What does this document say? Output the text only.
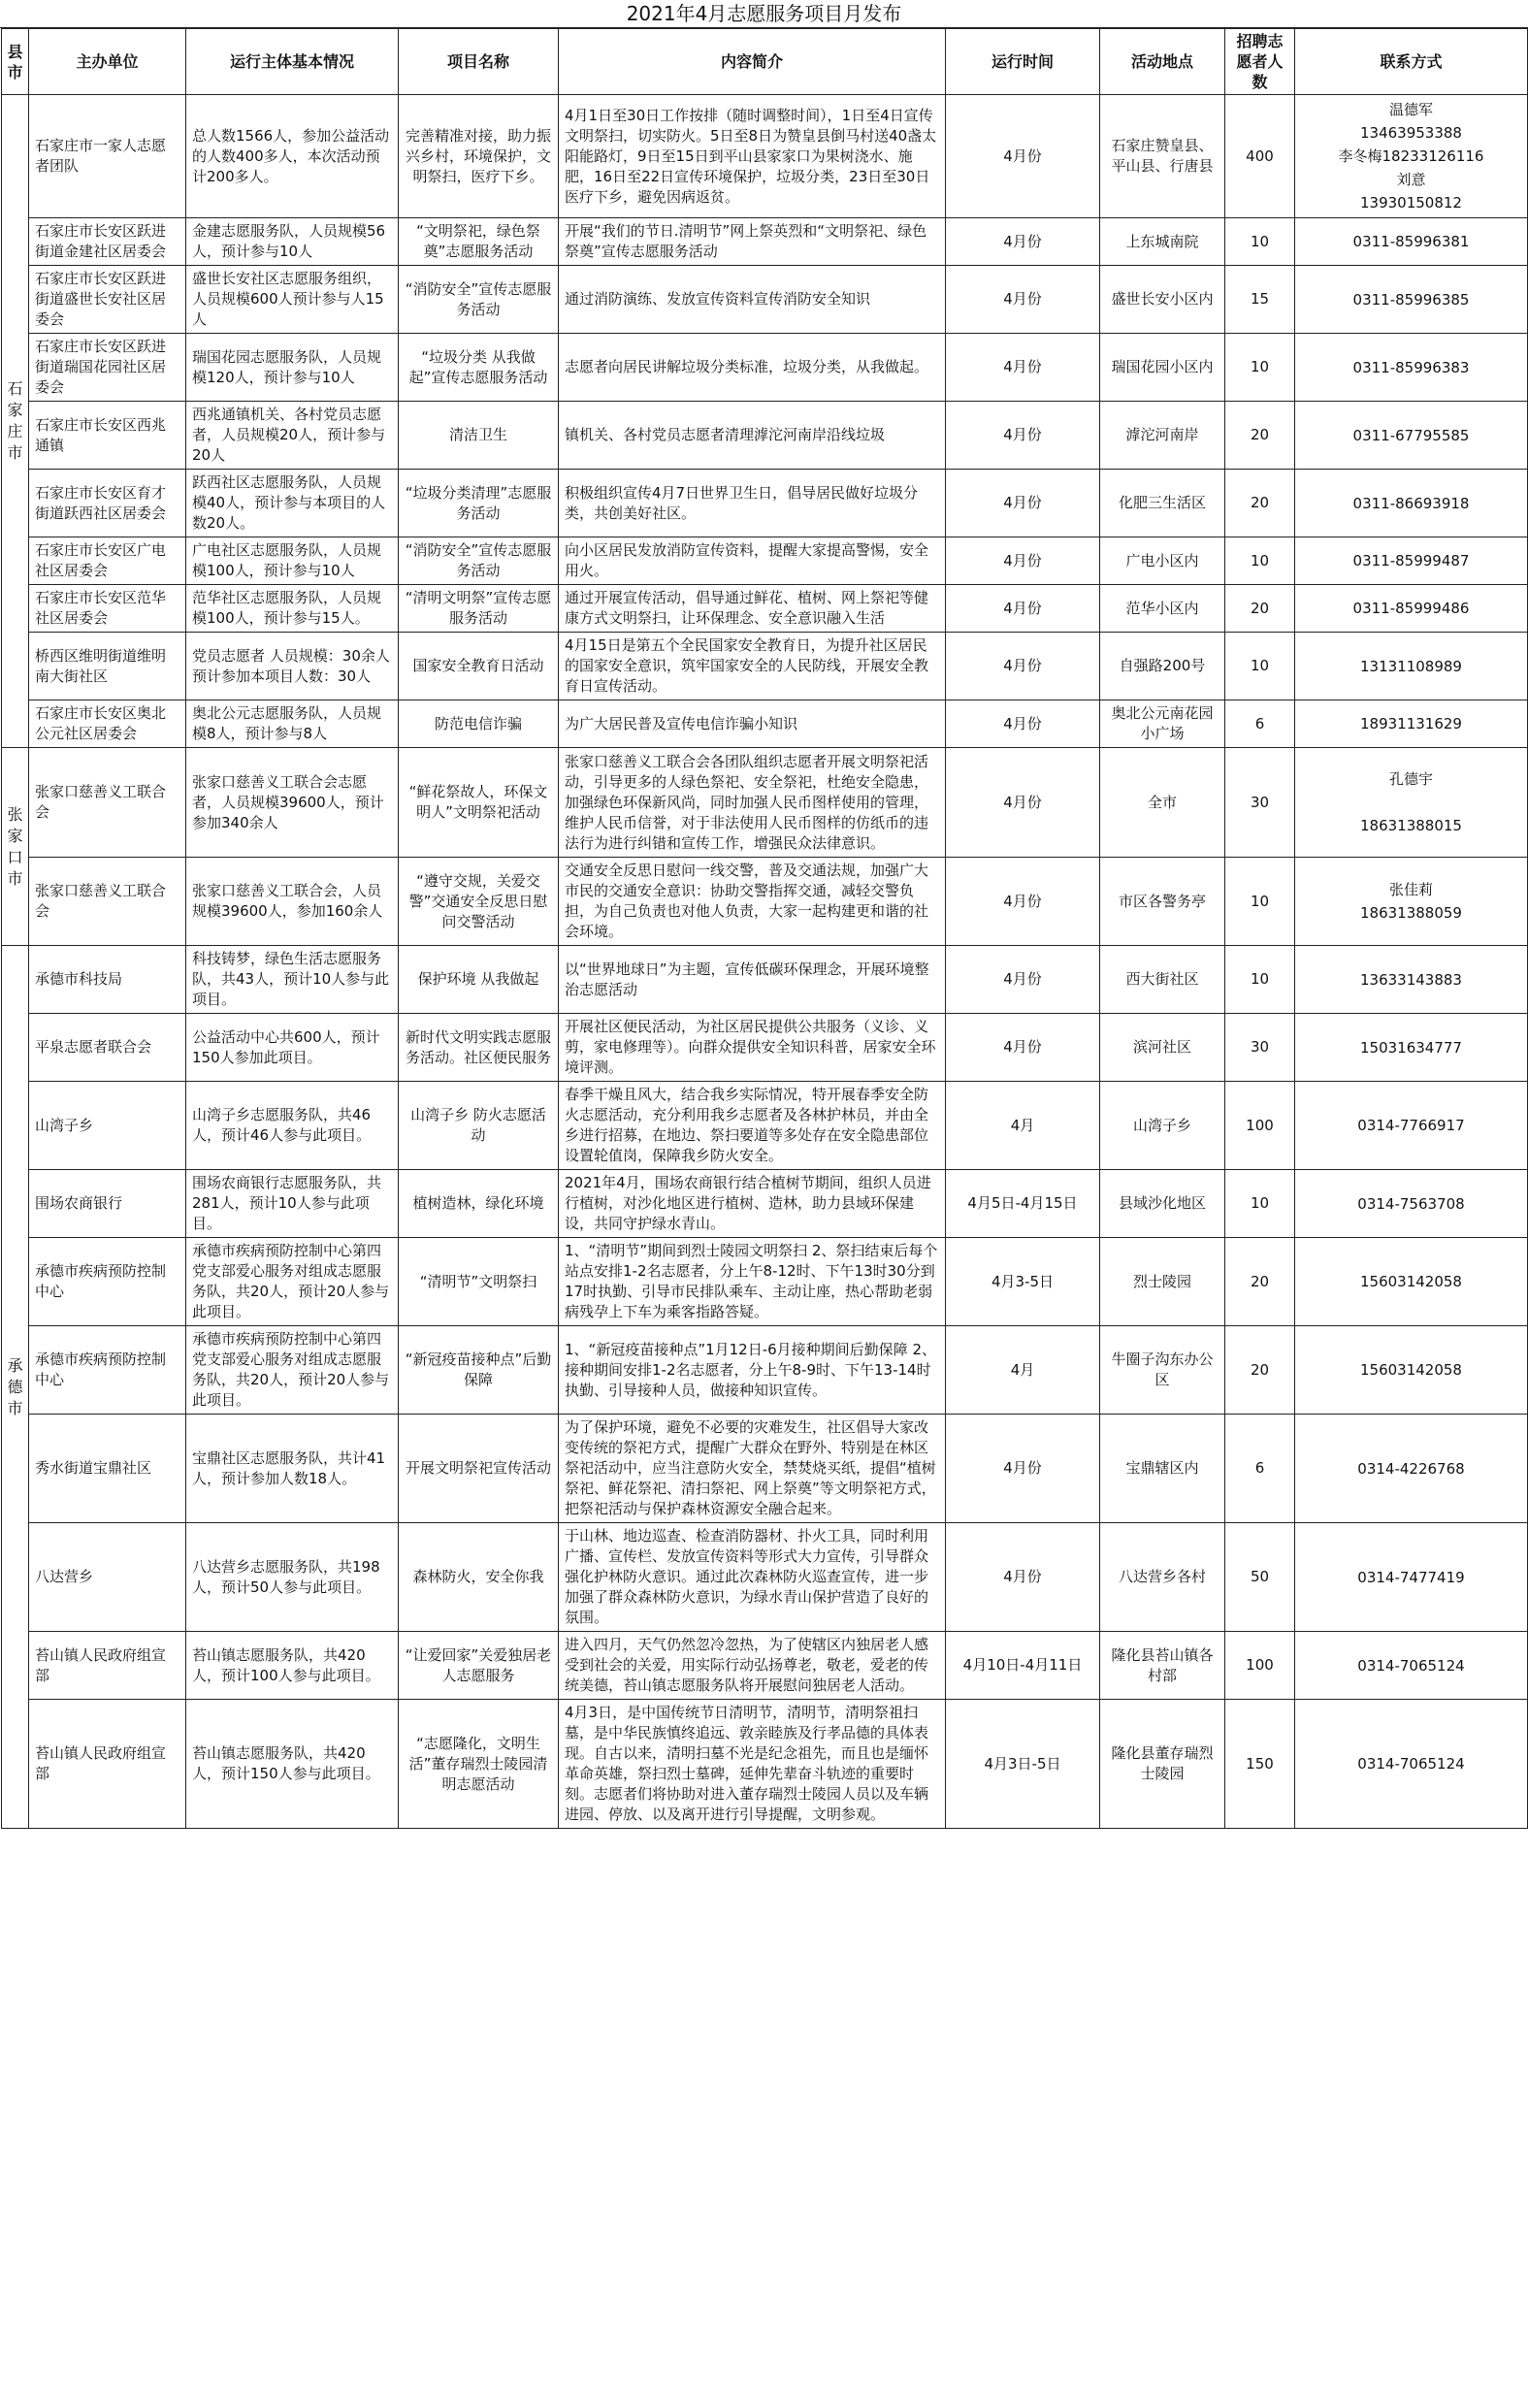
2021年4月志愿服务项目月发布
县市	主办单位	运行主体基本情况	项目名称	内容简介	运行时间	活动地点	招聘志愿者人数	联系方式
石家庄市	石家庄市一家人志愿者团队	总人数1566人，参加公益活动的人数400多人，本次活动预计200多人。	完善精准对接，助力振兴乡村，环境保护，文明祭扫，医疗下乡。	4月1日至30日工作按排（随时调整时间），1日至4日宣传文明祭扫，切实防火。5日至8日为赞皇县倒马村送40盏太阳能路灯，9日至15日到平山县家家口为果树浇水、施肥，16日至22日宣传环境保护，垃圾分类，23日至30日医疗下乡，避免因病返贫。	4月份	石家庄赞皇县、平山县、行唐县	400	温德军
13463953388
李冬梅18233126116
刘意
13930150812

	石家庄市长安区跃进街道金建社区居委会	金建志愿服务队，人员规模56人，预计参与10人	“文明祭祀，绿色祭奠”志愿服务活动	开展“我们的节日.清明节”网上祭英烈和“文明祭祀、绿色祭奠”宣传志愿服务活动	4月份	上东城南院	10	0311-85996381

	石家庄市长安区跃进街道盛世长安社区居委会	盛世长安社区志愿服务组织，人员规模600人预计参与人15人	“消防安全”宣传志愿服务活动	通过消防演练、发放宣传资料宣传消防安全知识	4月份	盛世长安小区内	15	0311-85996385

	石家庄市长安区跃进街道瑞国花园社区居委会	瑞国花园志愿服务队，人员规模120人，预计参与10人	“垃圾分类 从我做起”宣传志愿服务活动	志愿者向居民讲解垃圾分类标准，垃圾分类，从我做起。	4月份	瑞国花园小区内	10	0311-85996383

	石家庄市长安区西兆通镇	西兆通镇机关、各村党员志愿者，人员规模20人，预计参与20人	清洁卫生	镇机关、各村党员志愿者清理滹沱河南岸沿线垃圾	4月份	滹沱河南岸	20	0311-67795585

	石家庄市长安区育才街道跃西社区居委会	跃西社区志愿服务队，人员规模40人，预计参与本项目的人数20人。	“垃圾分类清理”志愿服务活动	积极组织宣传4月7日世界卫生日，倡导居民做好垃圾分类，共创美好社区。	4月份	化肥三生活区	20	0311-86693918

	石家庄市长安区广电社区居委会	广电社区志愿服务队，人员规模100人，预计参与10人	“消防安全”宣传志愿服务活动	向小区居民发放消防宣传资料，提醒大家提高警惕，安全用火。	4月份	广电小区内	10	0311-85999487

	石家庄市长安区范华社区居委会	范华社区志愿服务队，人员规模100人，预计参与15人。	“清明文明祭”宣传志愿服务活动	通过开展宣传活动，倡导通过鲜花、植树、网上祭祀等健康方式文明祭扫，让环保理念、安全意识融入生活	4月份	范华小区内	20	0311-85999486

	桥西区维明街道维明南大街社区	党员志愿者 人员规模：30余人 预计参加本项目人数：30人	国家安全教育日活动	4月15日是第五个全民国家安全教育日，为提升社区居民的国家安全意识，筑牢国家安全的人民防线，开展安全教育日宣传活动。	4月份	自强路200号	10	13131108989

	石家庄市长安区奥北公元社区居委会	奥北公元志愿服务队，人员规模8人，预计参与8人	防范电信诈骗	为广大居民普及宣传电信诈骗小知识	4月份	奥北公元南花园小广场	6	18931131629

张家口市	张家口慈善义工联合会	张家口慈善义工联合会志愿者，人员规模39600人，预计参加340余人	“鲜花祭故人，环保文明人”文明祭祀活动	张家口慈善义工联合会各团队组织志愿者开展文明祭祀活动，引导更多的人绿色祭祀、安全祭祀，杜绝安全隐患，加强绿色环保新风尚，同时加强人民币图样使用的管理，维护人民币信誉，对于非法使用人民币图样的仿纸币的违法行为进行纠错和宣传工作，增强民众法律意识。	4月份	全市	30	孔德宇

18631388015

	张家口慈善义工联合会	张家口慈善义工联合会，人员规模39600人，参加160余人	“遵守交规，关爱交警”交通安全反思日慰问交警活动	交通安全反思日慰问一线交警，普及交通法规，加强广大市民的交通安全意识：协助交警指挥交通，减轻交警负担，为自己负责也对他人负责，大家一起构建更和谐的社会环境。	4月份	市区各警务亭	10	张佳莉
18631388059

承德市	承德市科技局	科技铸梦，绿色生活志愿服务队，共43人，预计10人参与此项目。	保护环境 从我做起	以“世界地球日”为主题，宣传低碳环保理念，开展环境整治志愿活动	4月份	西大街社区	10	13633143883

	平泉志愿者联合会	公益活动中心共600人，预计150人参加此项目。	新时代文明实践志愿服务活动。社区便民服务	开展社区便民活动，为社区居民提供公共服务（义诊、义剪，家电修理等）。向群众提供安全知识科普，居家安全环境评测。	4月份	滨河社区	30	15031634777

	山湾子乡	山湾子乡志愿服务队，共46人，预计46人参与此项目。	山湾子乡 防火志愿活动	春季干燥且风大，结合我乡实际情况，特开展春季安全防火志愿活动，充分利用我乡志愿者及各林护林员，并由全乡进行招募，在地边、祭扫要道等多处存在安全隐患部位设置轮值岗，保障我乡防火安全。	4月	山湾子乡	100	0314-7766917

	围场农商银行	围场农商银行志愿服务队，共281人，预计10人参与此项目。	植树造林，绿化环境	2021年4月，围场农商银行结合植树节期间，组织人员进行植树，对沙化地区进行植树、造林，助力县域环保建设，共同守护绿水青山。	4月5日-4月15日	县域沙化地区	10	0314-7563708

	承德市疾病预防控制中心	承德市疾病预防控制中心第四党支部爱心服务对组成志愿服务队，共20人，预计20人参与此项目。	“清明节”文明祭扫	1、“清明节”期间到烈士陵园文明祭扫 2、祭扫结束后每个站点安排1-2名志愿者，分上午8-12时、下午13时30分到17时执勤、引导市民排队乘车、主动让座，热心帮助老弱病残孕上下车为乘客指路答疑。	4月3-5日	烈士陵园	20	15603142058

	承德市疾病预防控制中心	承德市疾病预防控制中心第四党支部爱心服务对组成志愿服务队，共20人，预计20人参与此项目。	“新冠疫苗接种点”后勤保障	1、“新冠疫苗接种点”1月12日-6月接种期间后勤保障 2、接种期间安排1-2名志愿者，分上午8-9时、下午13-14时执勤、引导接种人员，做接种知识宣传。	4月	牛圈子沟东办公区	20	15603142058

	秀水街道宝鼎社区	宝鼎社区志愿服务队，共计41人，预计参加人数18人。	开展文明祭祀宣传活动	为了保护环境，避免不必要的灾难发生，社区倡导大家改变传统的祭祀方式，提醒广大群众在野外、特别是在林区祭祀活动中，应当注意防火安全，禁焚烧买纸，提倡“植树祭祀、鲜花祭祀、清扫祭祀、网上祭奠”等文明祭祀方式，把祭祀活动与保护森林资源安全融合起来。	4月份	宝鼎辖区内	6	0314-4226768

	八达营乡	八达营乡志愿服务队，共198人，预计50人参与此项目。	森林防火，安全你我	于山林、地边巡查、检查消防器材、扑火工具，同时利用广播、宣传栏、发放宣传资料等形式大力宣传，引导群众强化护林防火意识。通过此次森林防火巡查宣传，进一步加强了群众森林防火意识，为绿水青山保护营造了良好的氛围。	4月份	八达营乡各村	50	0314-7477419

	苔山镇人民政府组宣部	苔山镇志愿服务队，共420人，预计100人参与此项目。	“让爱回家”关爱独居老人志愿服务	进入四月，天气仍然忽冷忽热，为了使辖区内独居老人感受到社会的关爱，用实际行动弘扬尊老，敬老，爱老的传统美德，苔山镇志愿服务队将开展慰问独居老人活动。	4月10日-4月11日	隆化县苔山镇各村部	100	0314-7065124

	苔山镇人民政府组宣部	苔山镇志愿服务队，共420人，预计150人参与此项目。	“志愿隆化，文明生活”董存瑞烈士陵园清明志愿活动	4月3日，是中国传统节日清明节，清明节，清明祭祖扫墓，是中华民族慎终追远、敦亲睦族及行孝品德的具体表现。自古以来，清明扫墓不光是纪念祖先，而且也是缅怀革命英雄，祭扫烈士墓碑，延伸先辈奋斗轨迹的重要时刻。志愿者们将协助对进入董存瑞烈士陵园人员以及车辆进园、停放、以及离开进行引导提醒，文明参观。	4月3日-5日	隆化县董存瑞烈士陵园	150	0314-7065124
